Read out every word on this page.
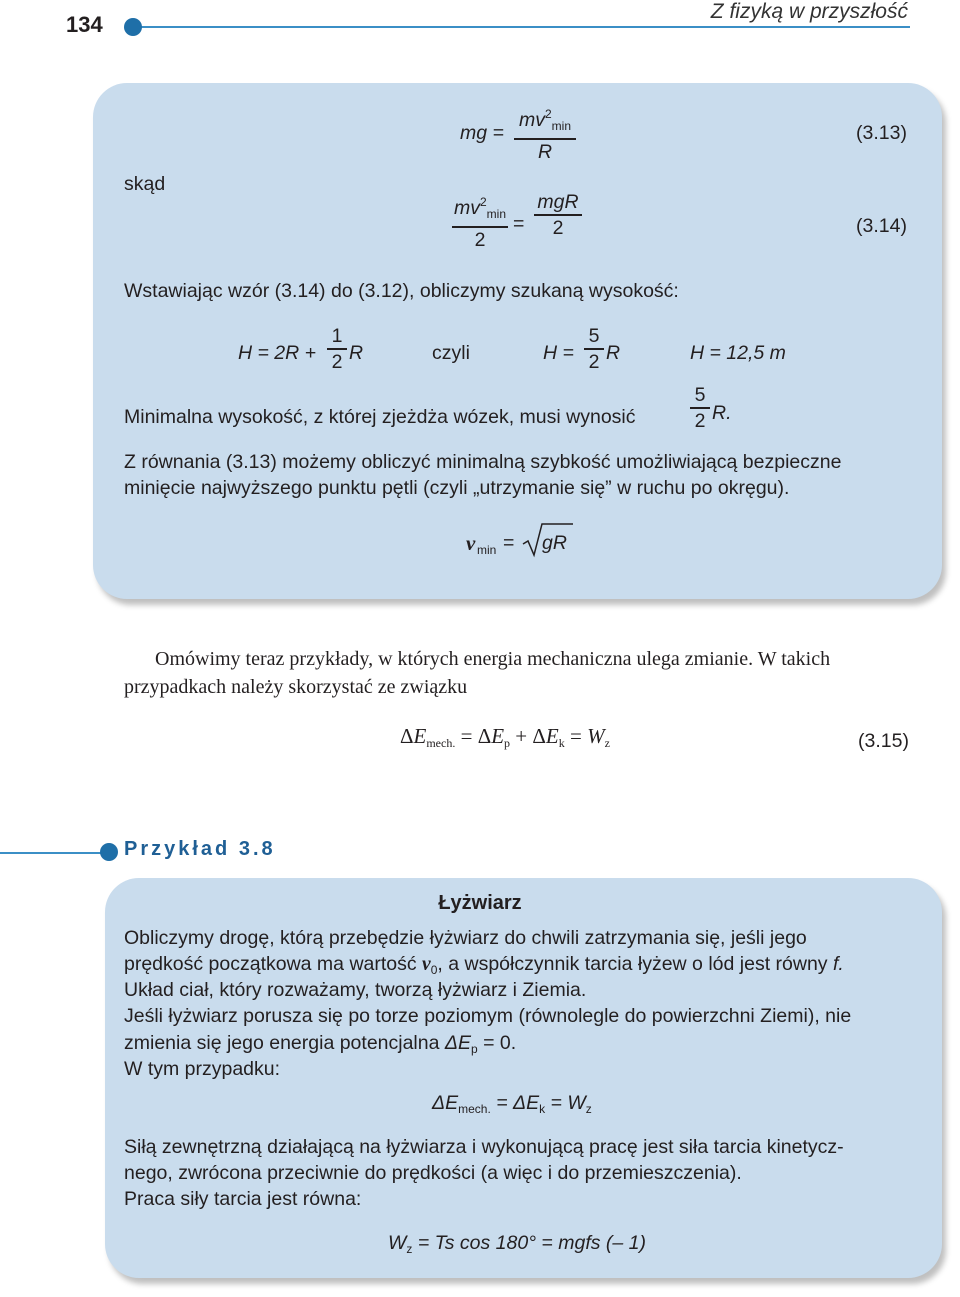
134
Z fizyką w przyszłość
mg =
$mv^2_{min}$
R
(3.13)
skąd
$mv^2_{min}$
2
=
mgR
2	(3.14)
Wstawiając wzór (3.14) do (3.12), obliczymy szukaną wysokość:
H = 2R +
1
2 R	czyli	H =
5
2 R	H = 12,5 m
Minimalna wysokość, z której zjeżdża wózek, musi wynosić
5
2 R.
Z równania (3.13) możemy obliczyć minimalną szybkość umożliwiającą bezpieczne
minięcie najwyższego punktu pętli (czyli „utrzymanie się” w ruchu po okręgu).
v min = gR
Omówimy teraz przykłady, w których energia mechaniczna ulega zmianie. W takich
przypadkach należy skorzystać ze związku
$\Delta E_{mech.} = \Delta E_p + \Delta E_k = W_z$	(3.15)
Przykład 3.8
Łyżwiarz
Obliczymy drogę, którą przebędzie łyżwiarz do chwili zatrzymania się, jeśli jego
prędkość początkowa ma wartość $v_0$, a współczynnik tarcia łyżew o lód jest równy f.
Układ ciał, który rozważamy, tworzą łyżwiarz i Ziemia.
Jeśli łyżwiarz porusza się po torze poziomym (równolegle do powierzchni Ziemi), nie
zmienia się jego energia potencjalna $\Delta E_p = 0$.
W tym przypadku:
$\Delta E_{mech.} = \Delta E_k = W_z$
Siłą zewnętrzną działającą na łyżwiarza i wykonującą pracę jest siła tarcia kinetycz-
nego, zwrócona przeciwnie do prędkości (a więc i do przemieszczenia).
Praca siły tarcia jest równa:
$W_z = Ts$ cos 180° = mgfs (– 1)
